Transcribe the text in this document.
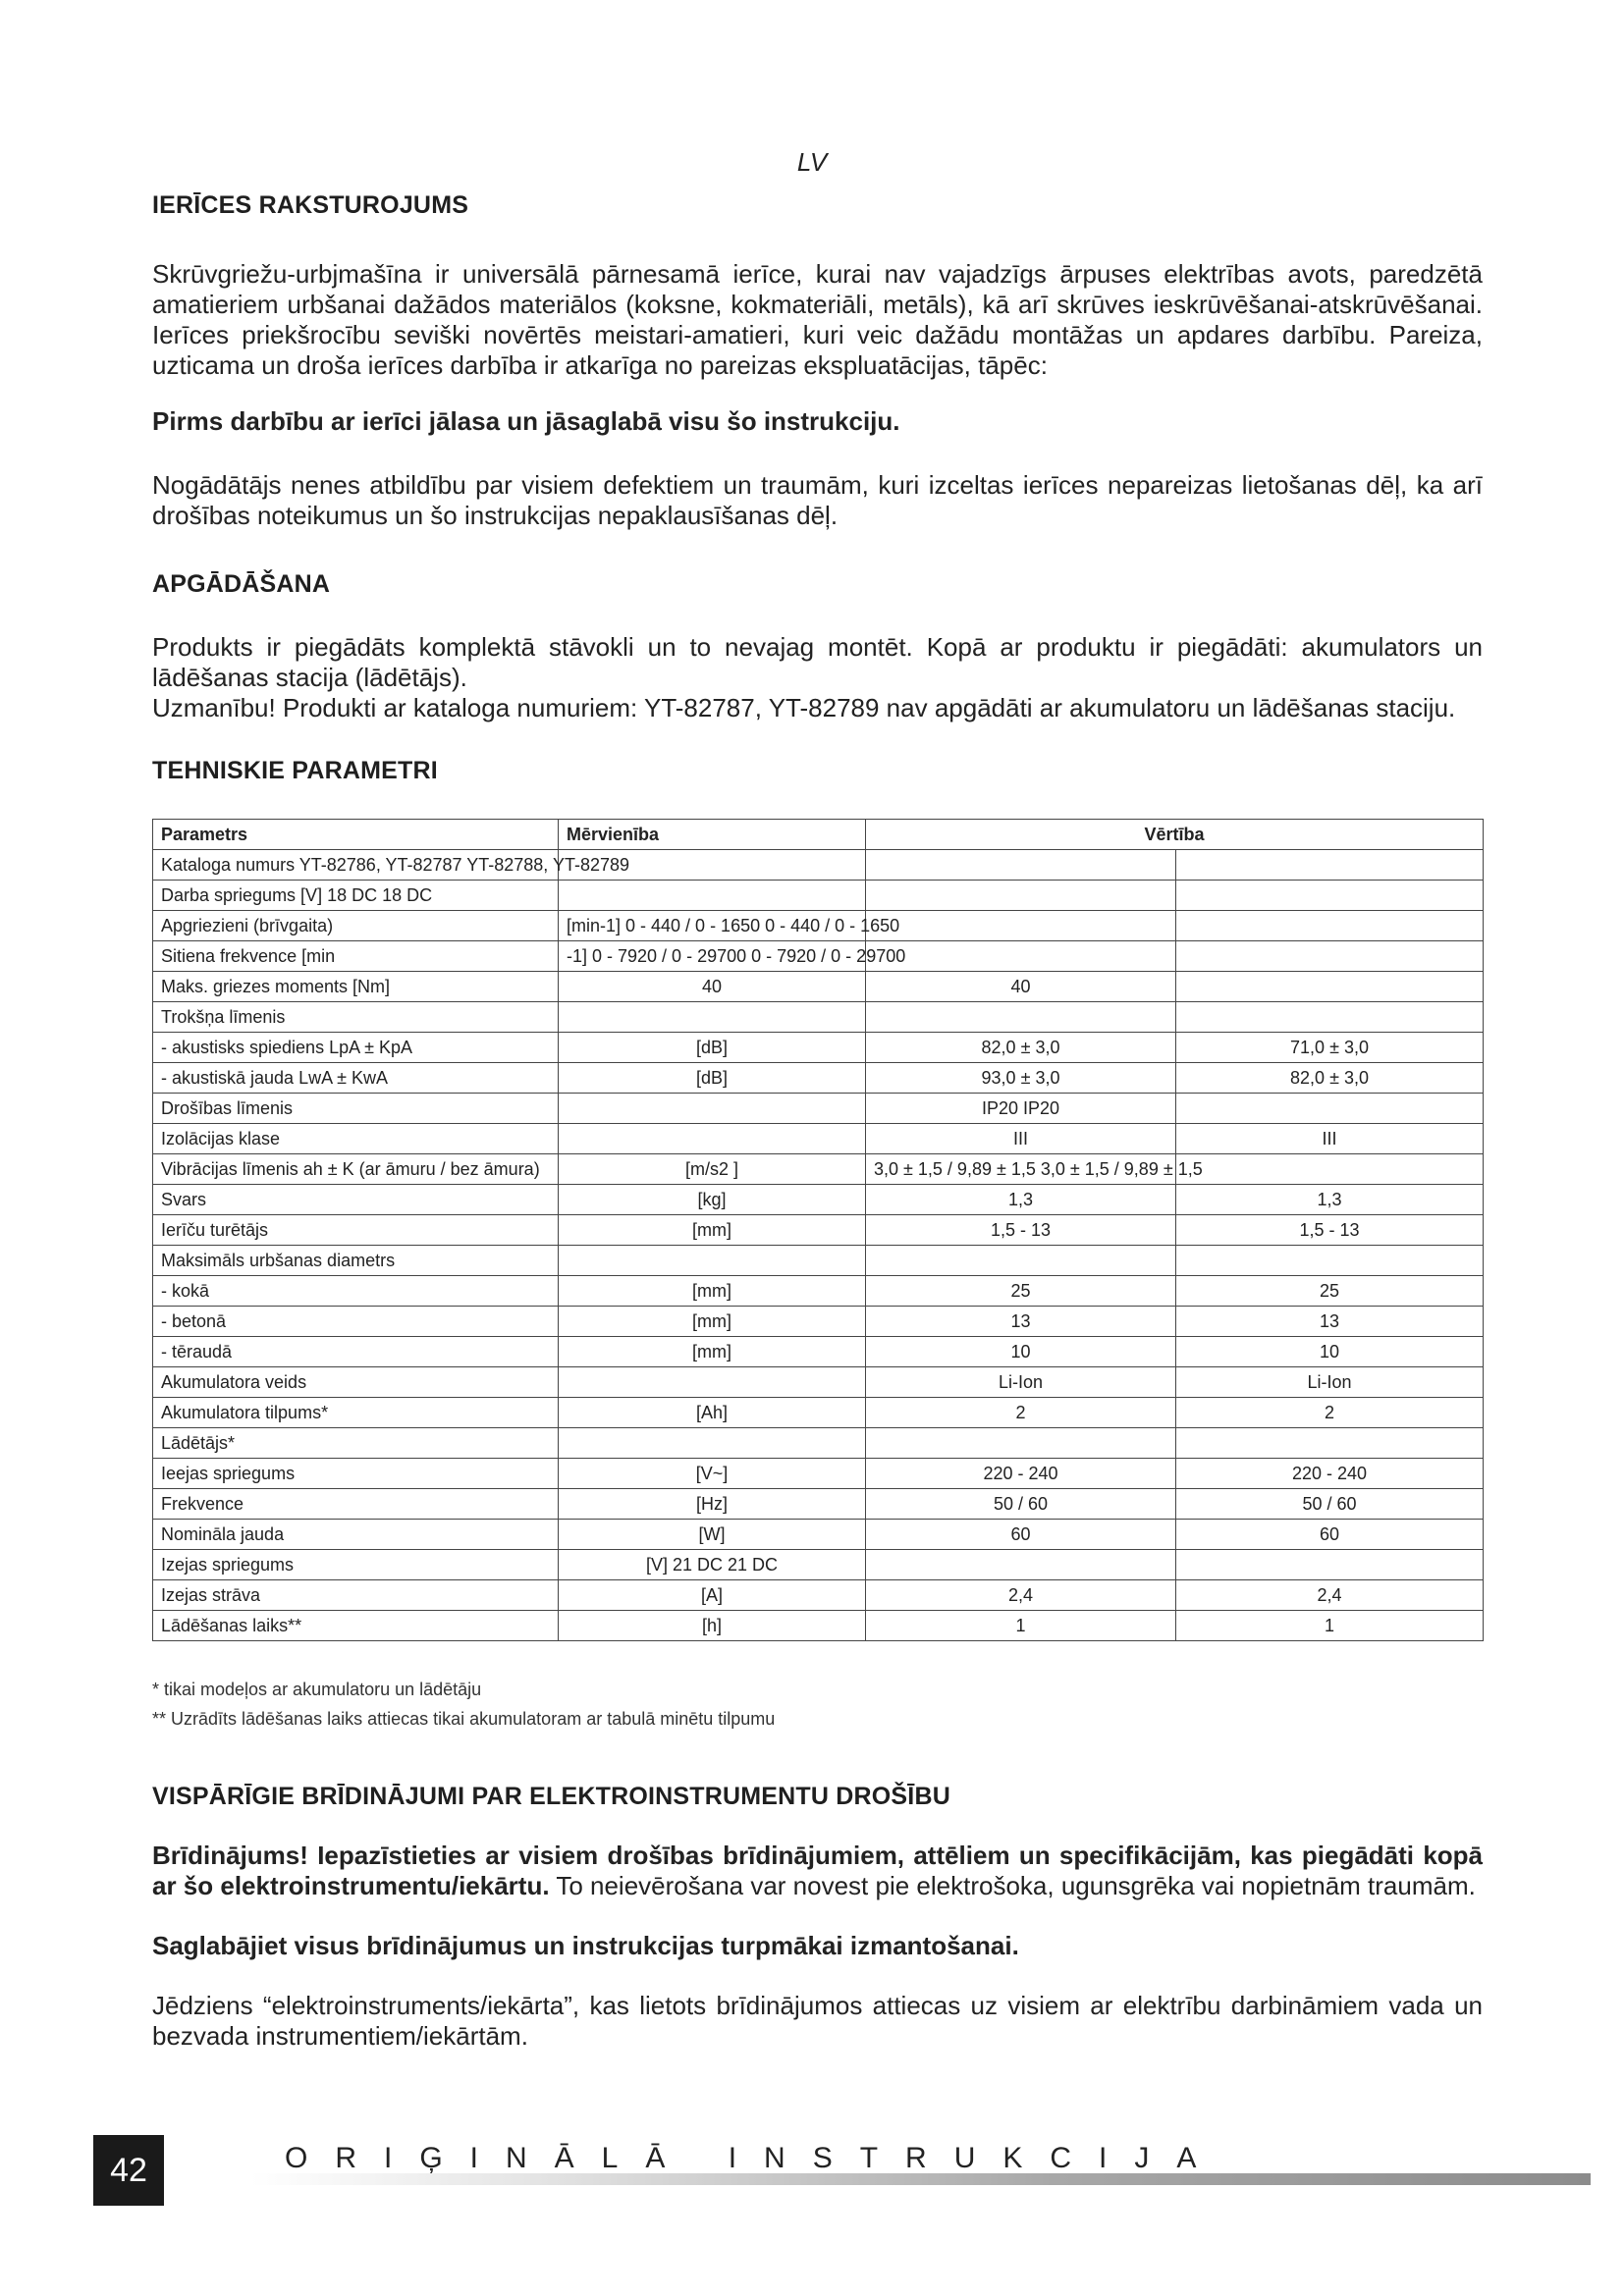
LV
IERĪCES RAKSTUROJUMS

Skrūvgriežu-urbjmašīna ir universālā pārnesamā ierīce, kurai nav vajadzīgs ārpuses elektrības avots, paredzētā amatieriem urbšanai dažādos materiālos (koksne, kokmateriāli, metāls), kā arī skrūves ieskrūvēšanai-atskrūvēšanai. Ierīces priekšrocību seviški novērtēs meistari-amatieri, kuri veic dažādu montāžas un apdares darbību. Pareiza, uzticama un droša ierīces darbība ir atkarīga no pareizas ekspluatācijas, tāpēc:

Pirms darbību ar ierīci jālasa un jāsaglabā visu šo instrukciju.

Nogādātājs nenes atbildību par visiem defektiem un traumām, kuri izceltas ierīces nepareizas lietošanas dēļ, ka arī drošības noteikumus un šo instrukcijas nepaklausīšanas dēļ.

APGĀDĀŠANA

Produkts ir piegādāts komplektā stāvokli un to nevajag montēt. Kopā ar produktu ir piegādāti: akumulators un lādēšanas stacija (lādētājs).

Uzmanību! Produkti ar kataloga numuriem: YT-82787, YT-82789 nav apgādāti ar akumulatoru un lādēšanas staciju.

TEHNISKIE PARAMETRI
Parametrs	Mērvienība	Vērtība	
Kataloga numurs YT-82786, YT-82787 YT-82788, YT-82789			
Darba spriegums [V] 18 DC 18 DC			
Apgriezieni (brīvgaita)	[min-1] 0 - 440 / 0 - 1650 0 - 440 / 0 - 1650		
Sitiena frekvence [min	-1] 0 - 7920 / 0 - 29700 0 - 7920 / 0 - 29700		
Maks. griezes moments [Nm]	40	40	
Trokšņa līmenis			
- akustisks spiediens LpA ± KpA	[dB]	82,0 ± 3,0	71,0 ± 3,0
- akustiskā jauda LwA ± KwA	[dB]	93,0 ± 3,0	82,0 ± 3,0
Drošības līmenis		IP20 IP20	
Izolācijas klase		III	III
Vibrācijas līmenis ah ± K (ar āmuru / bez āmura)	[m/s2 ]	3,0 ± 1,5 / 9,89 ± 1,5 3,0 ± 1,5 / 9,89 ± 1,5	
Svars	[kg]	1,3	1,3
Ierīču turētājs	[mm]	1,5 - 13	1,5 - 13
Maksimāls urbšanas diametrs			
- kokā	[mm]	25	25
- betonā	[mm]	13	13
- tēraudā	[mm]	10	10
Akumulatora veids		Li-Ion	Li-Ion
Akumulatora tilpums*	[Ah]	2	2
Lādētājs*			
Ieejas spriegums	[V~]	220 - 240	220 - 240
Frekvence	[Hz]	50 / 60	50 / 60
Nomināla jauda	[W]	60	60
Izejas spriegums	[V] 21 DC 21 DC		
Izejas strāva	[A]	2,4	2,4
Lādēšanas laiks**	[h]	1	1
* tikai modeļos ar akumulatoru un lādētāju
** Uzrādīts lādēšanas laiks attiecas tikai akumulatoram ar tabulā minētu tilpumu
VISPĀRĪGIE BRĪDINĀJUMI PAR ELEKTROINSTRUMENTU DROŠĪBU

Brīdinājums! Iepazīstieties ar visiem drošības brīdinājumiem, attēliem un specifikācijām, kas piegādāti kopā ar šo elektroinstrumentu/iekārtu. To neievērošana var novest pie elektrošoka, ugunsgrēka vai nopietnām traumām.

Saglabājiet visus brīdinājumus un instrukcijas turpmākai izmantošanai.

Jēdziens “elektroinstruments/iekārta”, kas lietots brīdinājumos attiecas uz visiem ar elektrību darbināmiem vada un bezvada instrumentiem/iekārtām.

42	ORIĢINĀLĀ INSTRUKCIJA
